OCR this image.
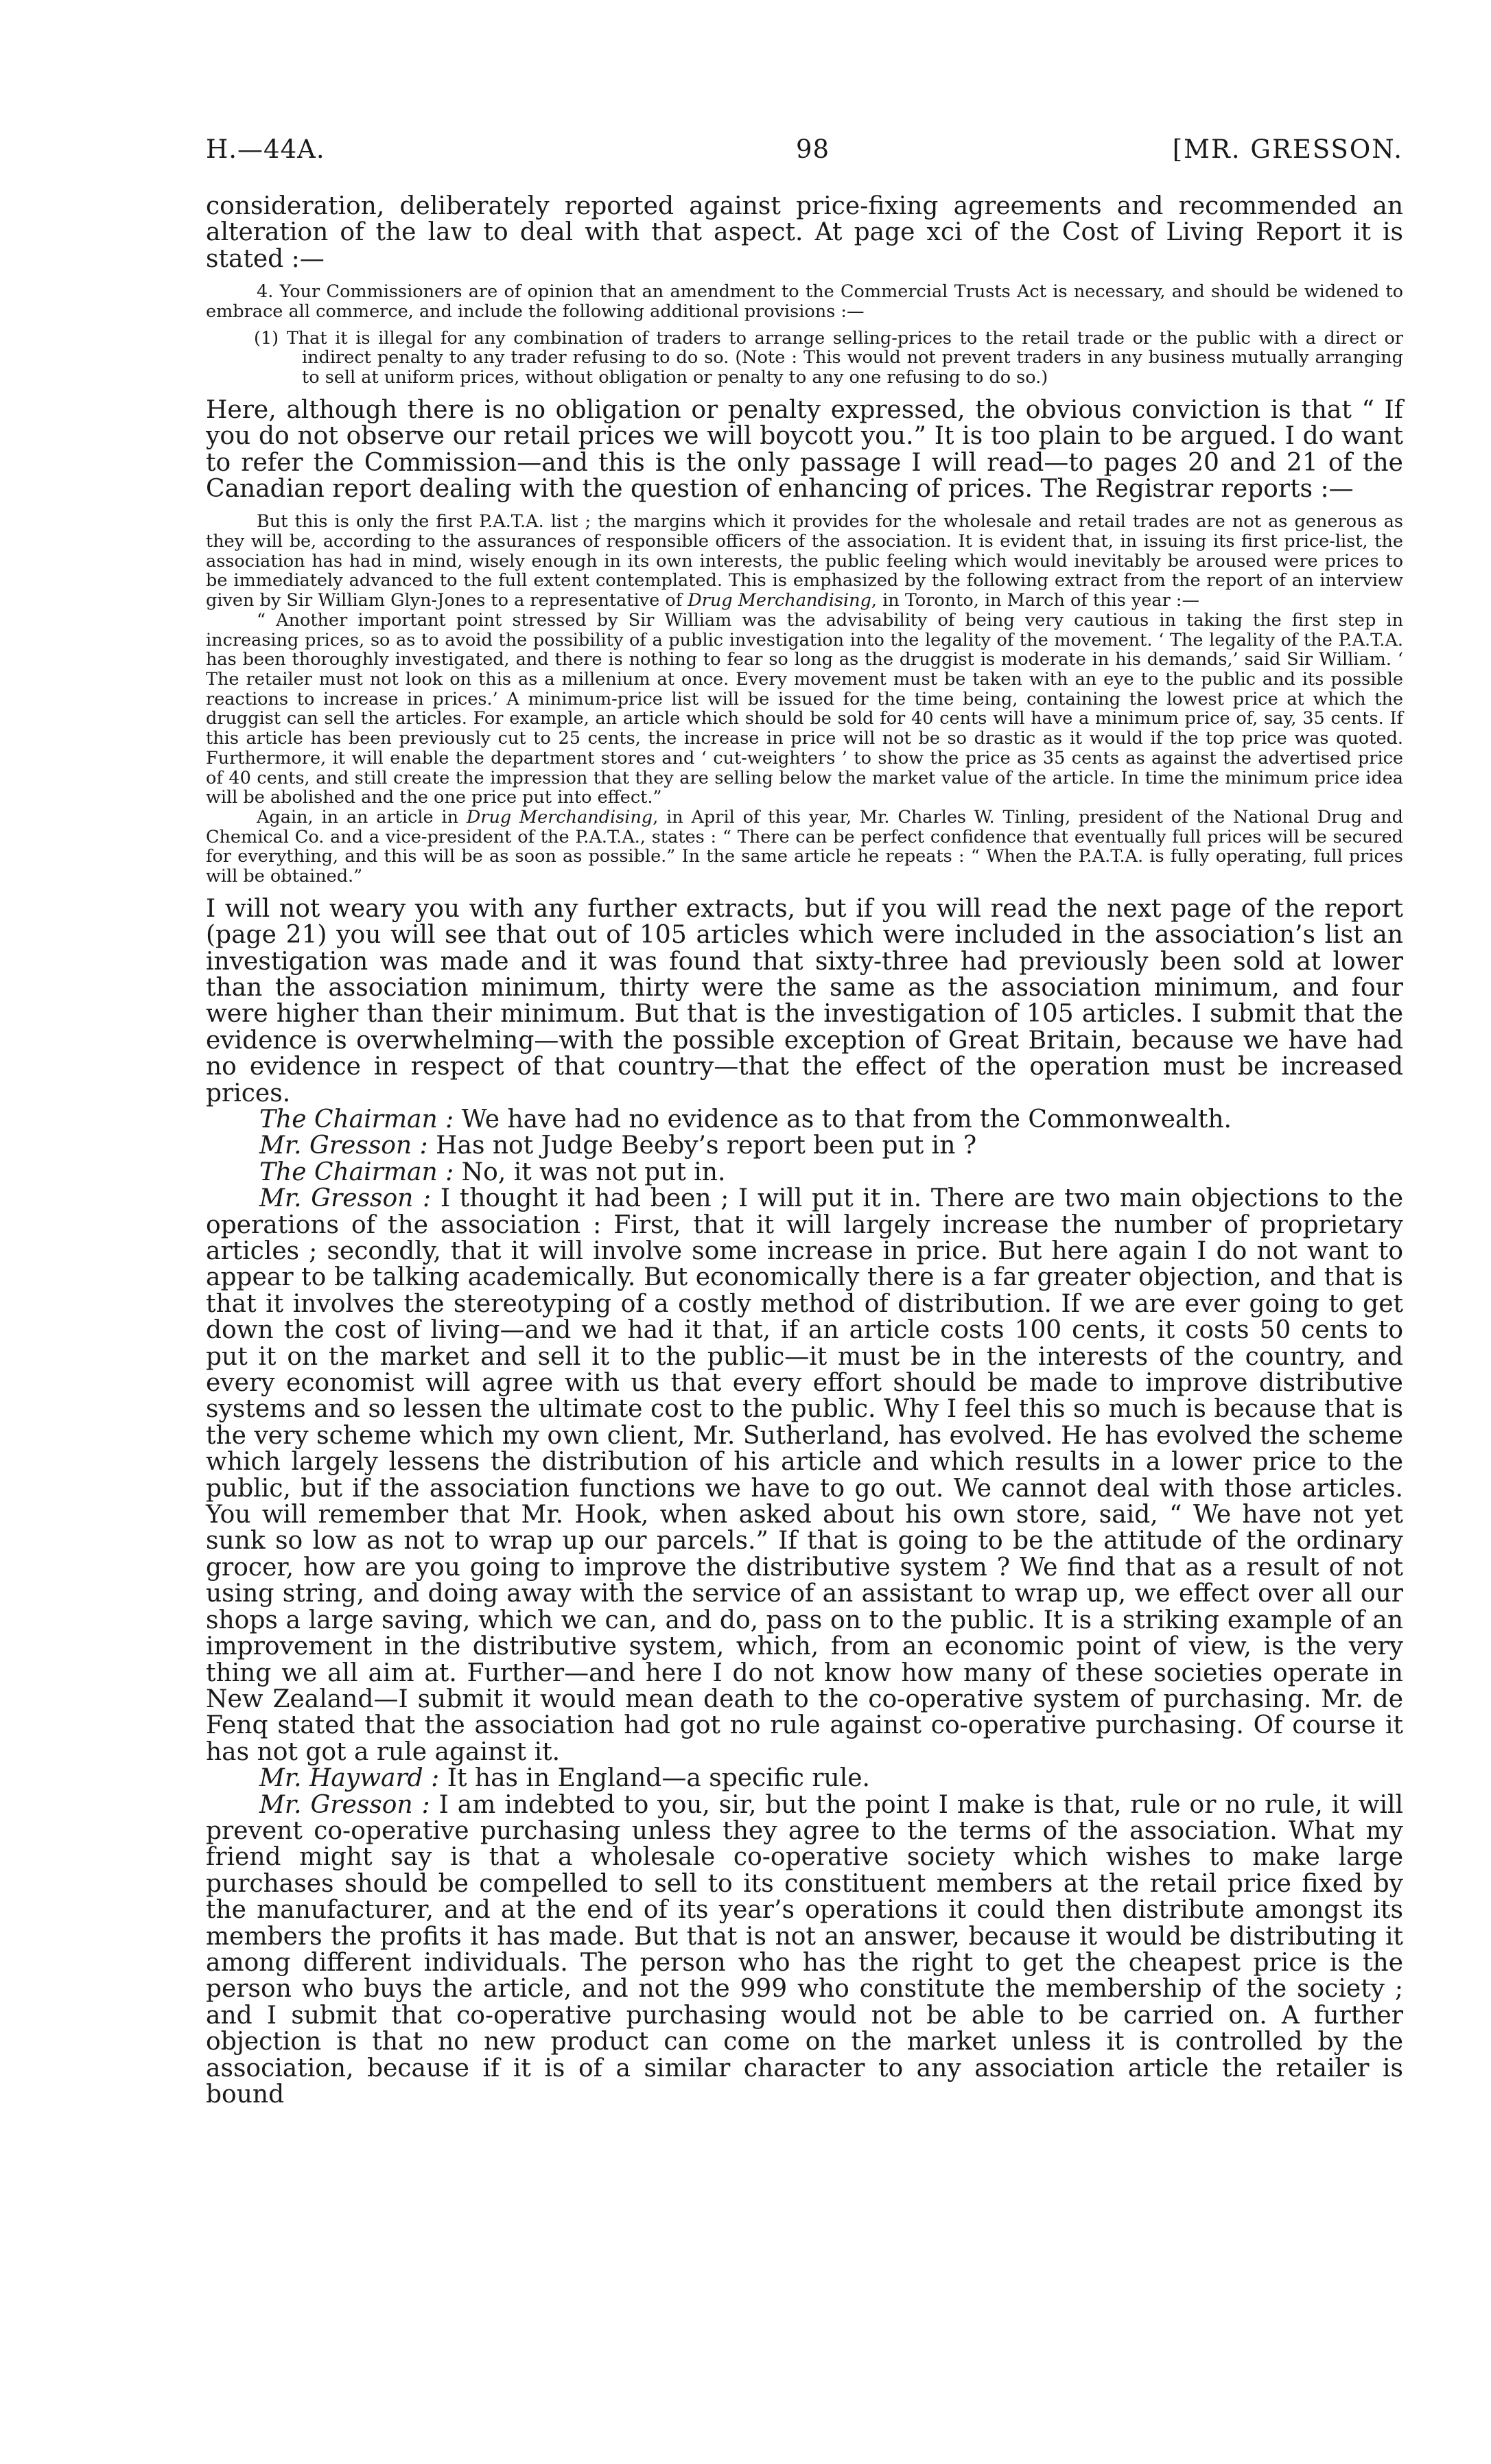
H.—44A.	98	[MR. GRESSON.

consideration, deliberately reported against price-fixing agreements and recommended an alteration of the law to deal with that aspect. At page xci of the Cost of Living Report it is stated :—

4. Your Commissioners are of opinion that an amendment to the Commercial Trusts Act is necessary, and should be widened to embrace all commerce, and include the following additional provisions :—

(1) That it is illegal for any combination of traders to arrange selling-prices to the retail trade or the public with a direct or indirect penalty to any trader refusing to do so. (Note : This would not prevent traders in any business mutually arranging to sell at uniform prices, without obligation or penalty to any one refusing to do so.)

Here, although there is no obligation or penalty expressed, the obvious conviction is that “ If you do not observe our retail prices we will boycott you.” It is too plain to be argued. I do want to refer the Commission—and this is the only passage I will read—to pages 20 and 21 of the Canadian report dealing with the question of enhancing of prices. The Registrar reports :—

But this is only the first P.A.T.A. list ; the margins which it provides for the wholesale and retail trades are not as generous as they will be, according to the assurances of responsible officers of the association. It is evident that, in issuing its first price-list, the association has had in mind, wisely enough in its own interests, the public feeling which would inevitably be aroused were prices to be immediately advanced to the full extent contemplated. This is emphasized by the following extract from the report of an interview given by Sir William Glyn-Jones to a representative of Drug Merchandising, in Toronto, in March of this year :—

“ Another important point stressed by Sir William was the advisability of being very cautious in taking the first step in increasing prices, so as to avoid the possibility of a public investigation into the legality of the movement. ‘ The legality of the P.A.T.A. has been thoroughly investigated, and there is nothing to fear so long as the druggist is moderate in his demands,’ said Sir William. ‘ The retailer must not look on this as a millenium at once. Every movement must be taken with an eye to the public and its possible reactions to increase in prices.’ A minimum-price list will be issued for the time being, containing the lowest price at which the druggist can sell the articles. For example, an article which should be sold for 40 cents will have a minimum price of, say, 35 cents. If this article has been previously cut to 25 cents, the increase in price will not be so drastic as it would if the top price was quoted. Furthermore, it will enable the department stores and ‘ cut-weighters ’ to show the price as 35 cents as against the advertised price of 40 cents, and still create the impression that they are selling below the market value of the article. In time the minimum price idea will be abolished and the one price put into effect.”

Again, in an article in Drug Merchandising, in April of this year, Mr. Charles W. Tinling, president of the National Drug and Chemical Co. and a vice-president of the P.A.T.A., states : “ There can be perfect confidence that eventually full prices will be secured for everything, and this will be as soon as possible.” In the same article he repeats : “ When the P.A.T.A. is fully operating, full prices will be obtained.”

I will not weary you with any further extracts, but if you will read the next page of the report (page 21) you will see that out of 105 articles which were included in the association’s list an investigation was made and it was found that sixty-three had previously been sold at lower than the association minimum, thirty were the same as the association minimum, and four were higher than their minimum. But that is the investigation of 105 articles. I submit that the evidence is overwhelming—with the possible exception of Great Britain, because we have had no evidence in respect of that country—that the effect of the operation must be increased prices.

The Chairman : We have had no evidence as to that from the Commonwealth.

Mr. Gresson : Has not Judge Beeby’s report been put in ?

The Chairman : No, it was not put in.

Mr. Gresson : I thought it had been ; I will put it in. There are two main objections to the operations of the association : First, that it will largely increase the number of proprietary articles ; secondly, that it will involve some increase in price. But here again I do not want to appear to be talking academically. But economically there is a far greater objection, and that is that it involves the stereotyping of a costly method of distribution. If we are ever going to get down the cost of living—and we had it that, if an article costs 100 cents, it costs 50 cents to put it on the market and sell it to the public—it must be in the interests of the country, and every economist will agree with us that every effort should be made to improve distributive systems and so lessen the ultimate cost to the public. Why I feel this so much is because that is the very scheme which my own client, Mr. Sutherland, has evolved. He has evolved the scheme which largely lessens the distribution of his article and which results in a lower price to the public, but if the association functions we have to go out. We cannot deal with those articles. You will remember that Mr. Hook, when asked about his own store, said, “ We have not yet sunk so low as not to wrap up our parcels.” If that is going to be the attitude of the ordinary grocer, how are you going to improve the distributive system ? We find that as a result of not using string, and doing away with the service of an assistant to wrap up, we effect over all our shops a large saving, which we can, and do, pass on to the public. It is a striking example of an improvement in the distributive system, which, from an economic point of view, is the very thing we all aim at. Further—and here I do not know how many of these societies operate in New Zealand—I submit it would mean death to the co-operative system of purchasing. Mr. de Fenq stated that the association had got no rule against co-operative purchasing. Of course it has not got a rule against it.

Mr. Hayward : It has in England—a specific rule.

Mr. Gresson : I am indebted to you, sir, but the point I make is that, rule or no rule, it will prevent co-operative purchasing unless they agree to the terms of the association. What my friend might say is that a wholesale co-operative society which wishes to make large purchases should be compelled to sell to its constituent members at the retail price fixed by the manufacturer, and at the end of its year’s operations it could then distribute amongst its members the profits it has made. But that is not an answer, because it would be distributing it among different individuals. The person who has the right to get the cheapest price is the person who buys the article, and not the 999 who constitute the membership of the society ; and I submit that co-operative purchasing would not be able to be carried on. A further objection is that no new product can come on the market unless it is controlled by the association, because if it is of a similar character to any association article the retailer is bound
